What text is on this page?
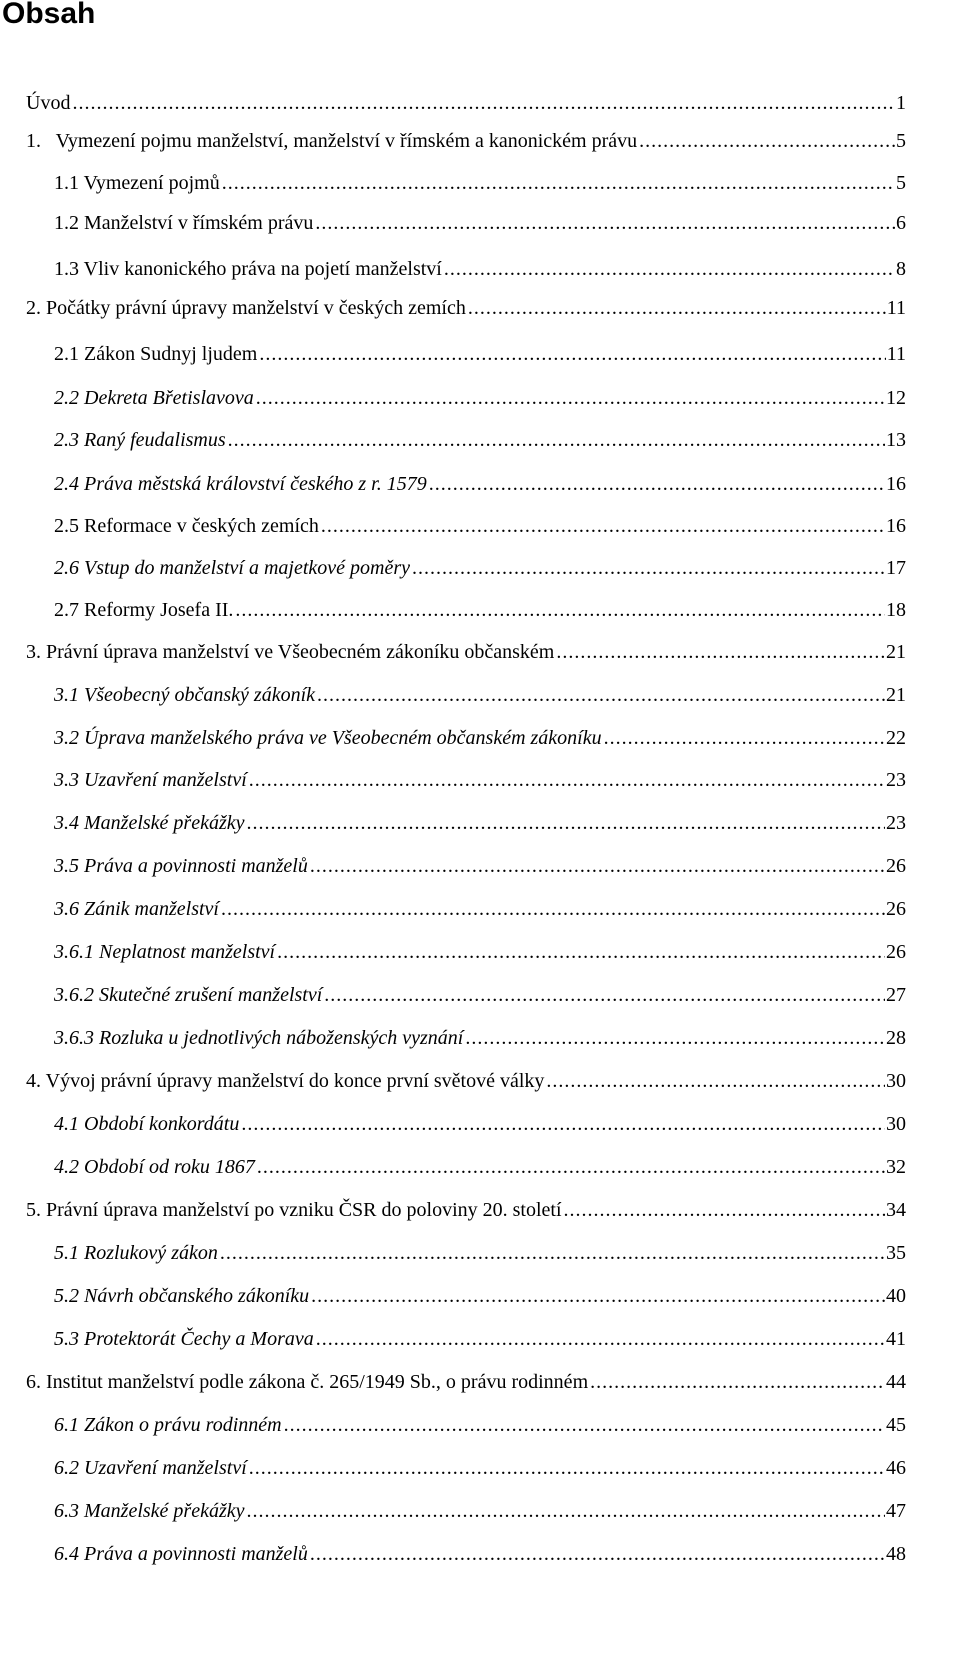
Obsah
Úvod .....	1
1.   Vymezení pojmu manželství, manželství v římském a kanonickém právu .....	5
1.1 Vymezení pojmů .....	5
1.2 Manželství v římském právu .....	6
1.3 Vliv kanonického práva na pojetí manželství .....	8
2. Počátky právní úpravy manželství v českých zemích .....	11
2.1 Zákon Sudnyj ljudem .....	11
2.2 Dekreta Břetislavova .....	12
2.3 Raný feudalismus .....	13
2.4 Práva městská království českého z r. 1579 .....	16
2.5 Reformace v českých zemích .....	16
2.6 Vstup do manželství a majetkové poměry .....	17
2.7 Reformy Josefa II. .....	18
3. Právní úprava manželství ve Všeobecném zákoníku občanském .....	21
3.1 Všeobecný občanský zákoník .....	21
3.2 Úprava manželského práva ve Všeobecném občanském zákoníku .....	22
3.3 Uzavření manželství .....	23
3.4 Manželské překážky .....	23
3.5 Práva a povinnosti manželů .....	26
3.6 Zánik manželství .....	26
3.6.1 Neplatnost manželství .....	26
3.6.2 Skutečné zrušení manželství .....	27
3.6.3 Rozluka u jednotlivých náboženských vyznání .....	28
4. Vývoj právní úpravy manželství do konce první světové války .....	30
4.1 Období konkordátu .....	30
4.2 Období od roku 1867 .....	32
5. Právní úprava manželství po vzniku ČSR do poloviny 20. století .....	34
5.1 Rozlukový zákon .....	35
5.2 Návrh občanského zákoníku .....	40
5.3 Protektorát Čechy a Morava .....	41
6. Institut manželství podle zákona č. 265/1949 Sb., o právu rodinném .....	44
6.1 Zákon o právu rodinném .....	45
6.2 Uzavření manželství .....	46
6.3 Manželské překážky .....	47
6.4 Práva a povinnosti manželů .....	48
